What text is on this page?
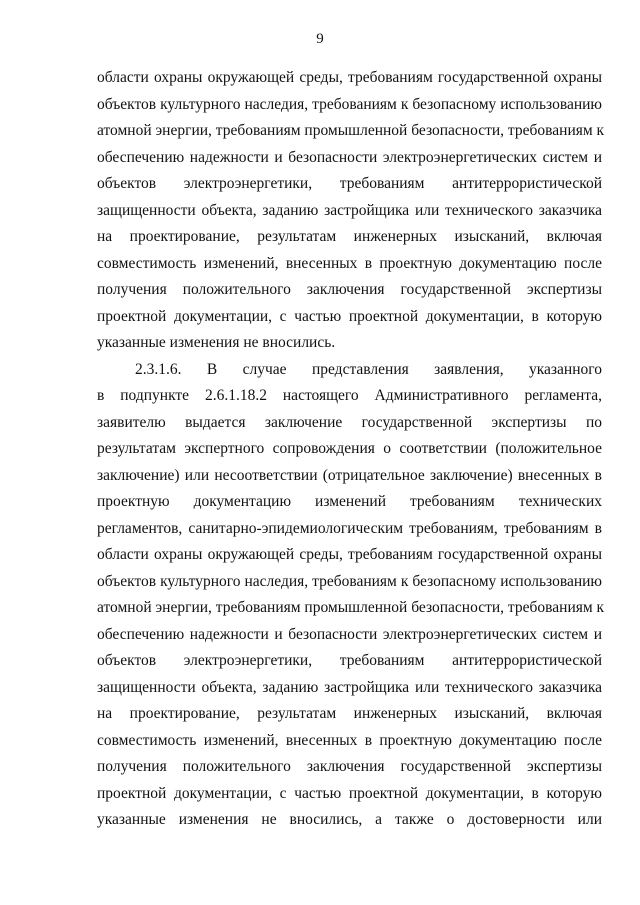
9
области охраны окружающей среды, требованиям государственной охраны
объектов культурного наследия, требованиям к безопасному использованию
атомной энергии, требованиям промышленной безопасности, требованиям к
обеспечению надежности и безопасности электроэнергетических систем и
объектов электроэнергетики, требованиям антитеррористической
защищенности объекта, заданию застройщика или технического заказчика
на проектирование, результатам инженерных изысканий, включая
совместимость изменений, внесенных в проектную документацию после
получения положительного заключения государственной экспертизы
проектной документации, с частью проектной документации, в которую
указанные изменения не вносились.
2.3.1.6. В случае представления заявления, указанного
в подпункте 2.6.1.18.2 настоящего Административного регламента,
заявителю выдается заключение государственной экспертизы по
результатам экспертного сопровождения о соответствии (положительное
заключение) или несоответствии (отрицательное заключение) внесенных в
проектную документацию изменений требованиям технических
регламентов, санитарно-эпидемиологическим требованиям, требованиям в
области охраны окружающей среды, требованиям государственной охраны
объектов культурного наследия, требованиям к безопасному использованию
атомной энергии, требованиям промышленной безопасности, требованиям к
обеспечению надежности и безопасности электроэнергетических систем и
объектов электроэнергетики, требованиям антитеррористической
защищенности объекта, заданию застройщика или технического заказчика
на проектирование, результатам инженерных изысканий, включая
совместимость изменений, внесенных в проектную документацию после
получения положительного заключения государственной экспертизы
проектной документации, с частью проектной документации, в которую
указанные изменения не вносились, а также о достоверности или
